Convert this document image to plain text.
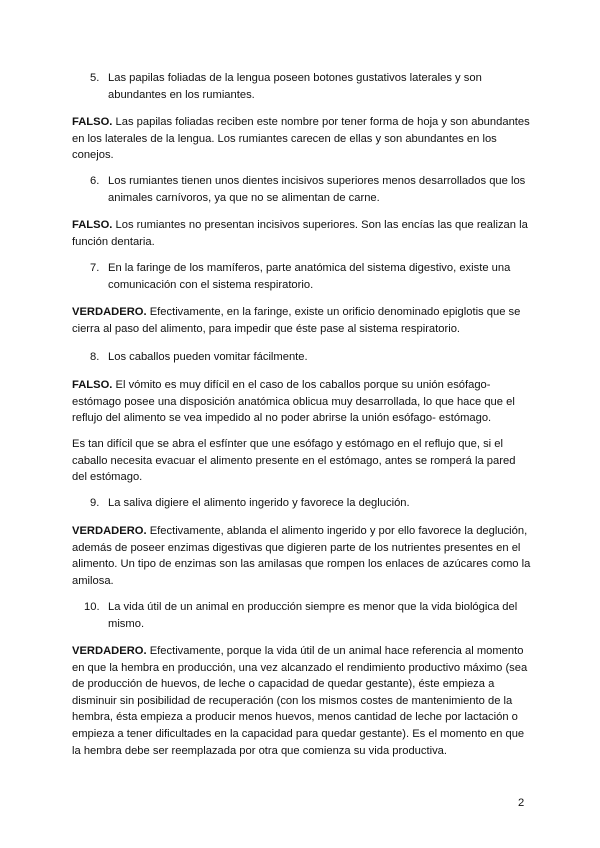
5. Las papilas foliadas de la lengua poseen botones gustativos laterales y son abundantes en los rumiantes.
FALSO. Las papilas foliadas reciben este nombre por tener forma de hoja y son abundantes en los laterales de la lengua. Los rumiantes carecen de ellas y son abundantes en los conejos.
6. Los rumiantes tienen unos dientes incisivos superiores menos desarrollados que los animales carnívoros, ya que no se alimentan de carne.
FALSO. Los rumiantes no presentan incisivos superiores. Son las encías las que realizan la función dentaria.
7. En la faringe de los mamíferos, parte anatómica del sistema digestivo, existe una comunicación con el sistema respiratorio.
VERDADERO. Efectivamente, en la faringe, existe un orificio denominado epiglotis que se cierra al paso del alimento, para impedir que éste pase al sistema respiratorio.
8. Los caballos pueden vomitar fácilmente.
FALSO. El vómito es muy difícil en el caso de los caballos porque su unión esófago-estómago posee una disposición anatómica oblicua muy desarrollada, lo que hace que el reflujo del alimento se vea impedido al no poder abrirse la unión esófago- estómago.
Es tan difícil que se abra el esfínter que une esófago y estómago en el reflujo que, si el caballo necesita evacuar el alimento presente en el estómago, antes se romperá la pared del estómago.
9. La saliva digiere el alimento ingerido y favorece la deglución.
VERDADERO. Efectivamente, ablanda el alimento ingerido y por ello favorece la deglución, además de poseer enzimas digestivas que digieren parte de los nutrientes presentes en el alimento. Un tipo de enzimas son las amilasas que rompen los enlaces de azúcares como la amilosa.
10. La vida útil de un animal en producción siempre es menor que la vida biológica del mismo.
VERDADERO. Efectivamente, porque la vida útil de un animal hace referencia al momento en que la hembra en producción, una vez alcanzado el rendimiento productivo máximo (sea de producción de huevos, de leche o capacidad de quedar gestante), éste empieza a disminuir sin posibilidad de recuperación (con los mismos costes de mantenimiento de la hembra, ésta empieza a producir menos huevos, menos cantidad de leche por lactación o empieza a tener dificultades en la capacidad para quedar gestante). Es el momento en que la hembra debe ser reemplazada por otra que comienza su vida productiva.
2
